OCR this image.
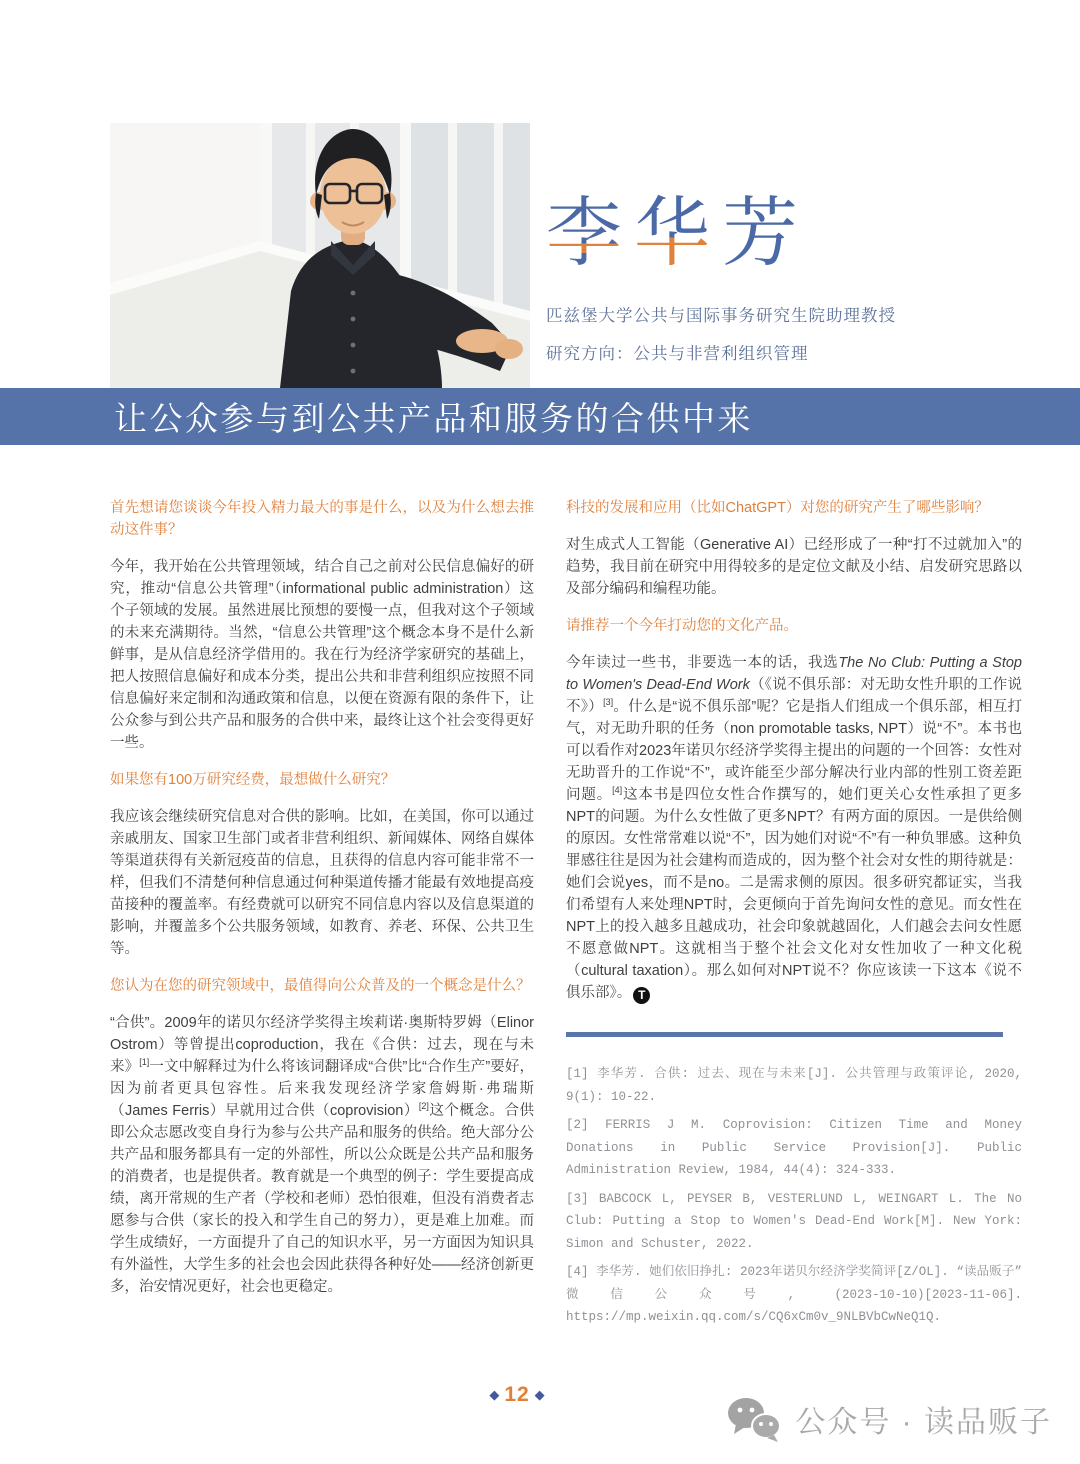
李华芳
匹兹堡大学公共与国际事务研究生院助理教授
研究方向：公共与非营利组织管理
让公众参与到公共产品和服务的合供中来

首先想请您谈谈今年投入精力最大的事是什么，以及为什么想去推动这件事？

今年，我开始在公共管理领域，结合自己之前对公民信息偏好的研究，推动“信息公共管理”（informational public administration）这个子领域的发展。虽然进展比预想的要慢一点，但我对这个子领域的未来充满期待。当然，“信息公共管理”这个概念本身不是什么新鲜事，是从信息经济学借用的。我在行为经济学家研究的基础上，把人按照信息偏好和成本分类，提出公共和非营利组织应按照不同信息偏好来定制和沟通政策和信息，以便在资源有限的条件下，让公众参与到公共产品和服务的合供中来，最终让这个社会变得更好一些。

如果您有100万研究经费，最想做什么研究？

我应该会继续研究信息对合供的影响。比如，在美国，你可以通过亲戚朋友、国家卫生部门或者非营利组织、新闻媒体、网络自媒体等渠道获得有关新冠疫苗的信息，且获得的信息内容可能非常不一样，但我们不清楚何种信息通过何种渠道传播才能最有效地提高疫苗接种的覆盖率。有经费就可以研究不同信息内容以及信息渠道的影响，并覆盖多个公共服务领域，如教育、养老、环保、公共卫生等。

您认为在您的研究领域中，最值得向公众普及的一个概念是什么？

“合供”。2009年的诺贝尔经济学奖得主埃莉诺·奥斯特罗姆（Elinor Ostrom）等曾提出coproduction，我在《合供：过去，现在与未来》[1]一文中解释过为什么将该词翻译成“合供”比“合作生产”要好，因为前者更具包容性。后来我发现经济学家詹姆斯·弗瑞斯（James Ferris）早就用过合供（coprovision）[2]这个概念。合供即公众志愿改变自身行为参与公共产品和服务的供给。绝大部分公共产品和服务都具有一定的外部性，所以公众既是公共产品和服务的消费者，也是提供者。教育就是一个典型的例子：学生要提高成绩，离开常规的生产者（学校和老师）恐怕很难，但没有消费者志愿参与合供（家长的投入和学生自己的努力），更是难上加难。而学生成绩好，一方面提升了自己的知识水平，另一方面因为知识具有外溢性，大学生多的社会也会因此获得各种好处——经济创新更多，治安情况更好，社会也更稳定。

科技的发展和应用（比如ChatGPT）对您的研究产生了哪些影响？

对生成式人工智能（Generative AI）已经形成了一种“打不过就加入”的趋势，我目前在研究中用得较多的是定位文献及小结、启发研究思路以及部分编码和编程功能。

请推荐一个今年打动您的文化产品。

今年读过一些书，非要选一本的话，我选The No Club: Putting a Stop to Women's Dead-End Work（《说不俱乐部：对无助女性升职的工作说不》）[3]。什么是“说不俱乐部”呢？它是指人们组成一个俱乐部，相互打气，对无助升职的任务（non promotable tasks, NPT）说“不”。本书也可以看作对2023年诺贝尔经济学奖得主提出的问题的一个回答：女性对无助晋升的工作说“不”，或许能至少部分解决行业内部的性别工资差距问题。[4]这本书是四位女性合作撰写的，她们更关心女性承担了更多NPT的问题。为什么女性做了更多NPT？有两方面的原因。一是供给侧的原因。女性常常难以说“不”，因为她们对说“不”有一种负罪感。这种负罪感往往是因为社会建构而造成的，因为整个社会对女性的期待就是：她们会说yes，而不是no。二是需求侧的原因。很多研究都证实，当我们希望有人来处理NPT时，会更倾向于首先询问女性的意见。而女性在NPT上的投入越多且越成功，社会印象就越固化，人们越会去问女性愿不愿意做NPT。这就相当于整个社会文化对女性加收了一种文化税（cultural taxation）。那么如何对NPT说不？你应该读一下这本《说不俱乐部》。 T

[1] 李华芳. 合供: 过去、现在与未来[J]. 公共管理与政策评论, 2020, 9(1): 10-22.

[2] FERRIS J M. Coprovision: Citizen Time and Money Donations in Public Service Provision[J]. Public Administration Review, 1984, 44(4): 324-333.

[3] BABCOCK L, PEYSER B, VESTERLUND L, WEINGART L. The No Club: Putting a Stop to Women's Dead-End Work[M]. New York: Simon and Schuster, 2022.

[4] 李华芳. 她们依旧挣扎: 2023年诺贝尔经济学奖简评[Z/OL]. “读品贩子” 微信公众号, (2023-10-10)[2023-11-06]. https://mp.weixin.qq.com/s/CQ6xCm0v_9NLBVbCwNeQ1Q.

◆ 12 ◆
公众号 · 读品贩子
